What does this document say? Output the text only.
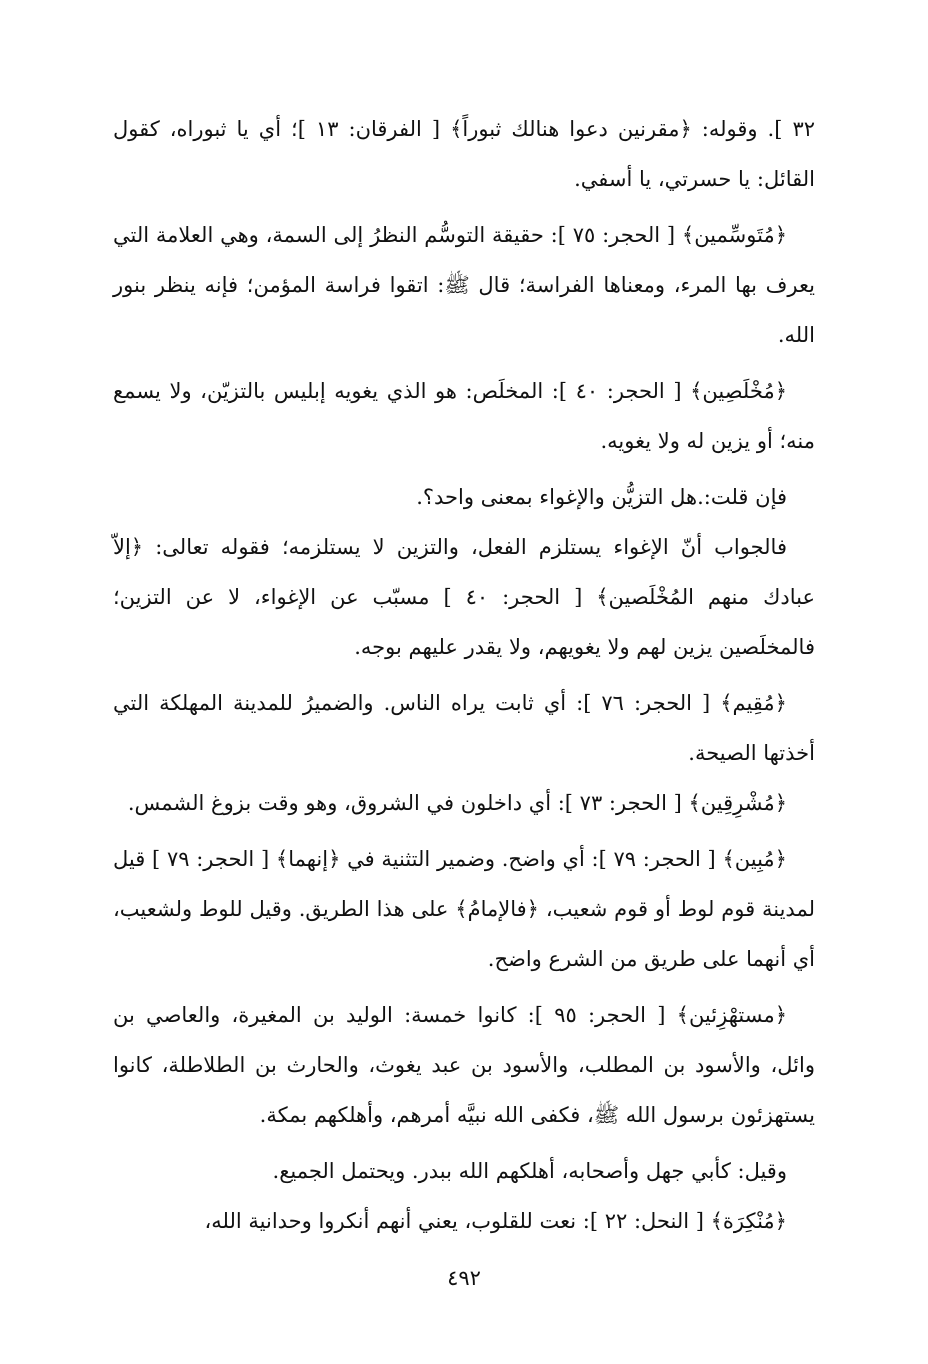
٣٢ ]. وقوله: ﴿مقرنين دعوا هنالك ثبوراً﴾ [ الفرقان: ١٣ ]؛ أي يا ثبوراه، كقول القائل: يا حسرتي، يا أسفي.

﴿مُتَوسِّمين﴾ [ الحجر: ٧٥ ]: حقيقة التوسُّم النظرُ إلى السمة، وهي العلامة التي يعرف بها المرء، ومعناها الفراسة؛ قال ﷺ: اتقوا فراسة المؤمن؛ فإنه ينظر بنور الله.

﴿مُخْلَصِين﴾ [ الحجر: ٤٠ ]: المخلَص: هو الذي يغويه إبليس بالتزيّن، ولا يسمع منه؛ أو يزين له ولا يغويه.

فإن قلت:.هل التزيُّن والإغواء بمعنى واحد؟.

فالجواب أنّ الإغواء يستلزم الفعل، والتزين لا يستلزمه؛ فقوله تعالى: ﴿إلاّ عبادك منهم المُخْلَصين﴾ [ الحجر: ٤٠ ] مسبّب عن الإغواء، لا عن التزين؛ فالمخلَصين يزين لهم ولا يغويهم، ولا يقدر عليهم بوجه.

﴿مُقِيم﴾ [ الحجر: ٧٦ ]: أي ثابت يراه الناس. والضميرُ للمدينة المهلكة التي أخذتها الصيحة.

﴿مُشْرِقِين﴾ [ الحجر: ٧٣ ]: أي داخلون في الشروق، وهو وقت بزوغ الشمس.

﴿مُبِين﴾ [ الحجر: ٧٩ ]: أي واضح. وضمير التثنية في ﴿إنهما﴾ [ الحجر: ٧٩ ] قيل لمدينة قوم لوط أو قوم شعيب، ﴿فالإمامُ﴾ على هذا الطريق. وقيل للوط ولشعيب، أي أنهما على طريق من الشرع واضح.

﴿مستهْزِئين﴾ [ الحجر: ٩٥ ]: كانوا خمسة: الوليد بن المغيرة، والعاصي بن وائل، والأسود بن المطلب، والأسود بن عبد يغوث، والحارث بن الطلاطلة، كانوا يستهزئون برسول الله ﷺ، فكفى الله نبيَّه أمرهم، وأهلكهم بمكة.

وقيل: كأبي جهل وأصحابه، أهلكهم الله ببدر. ويحتمل الجميع.

﴿مُنْكِرَة﴾ [ النحل: ٢٢ ]: نعت للقلوب، يعني أنهم أنكروا وحدانية الله،

٤٩٢
